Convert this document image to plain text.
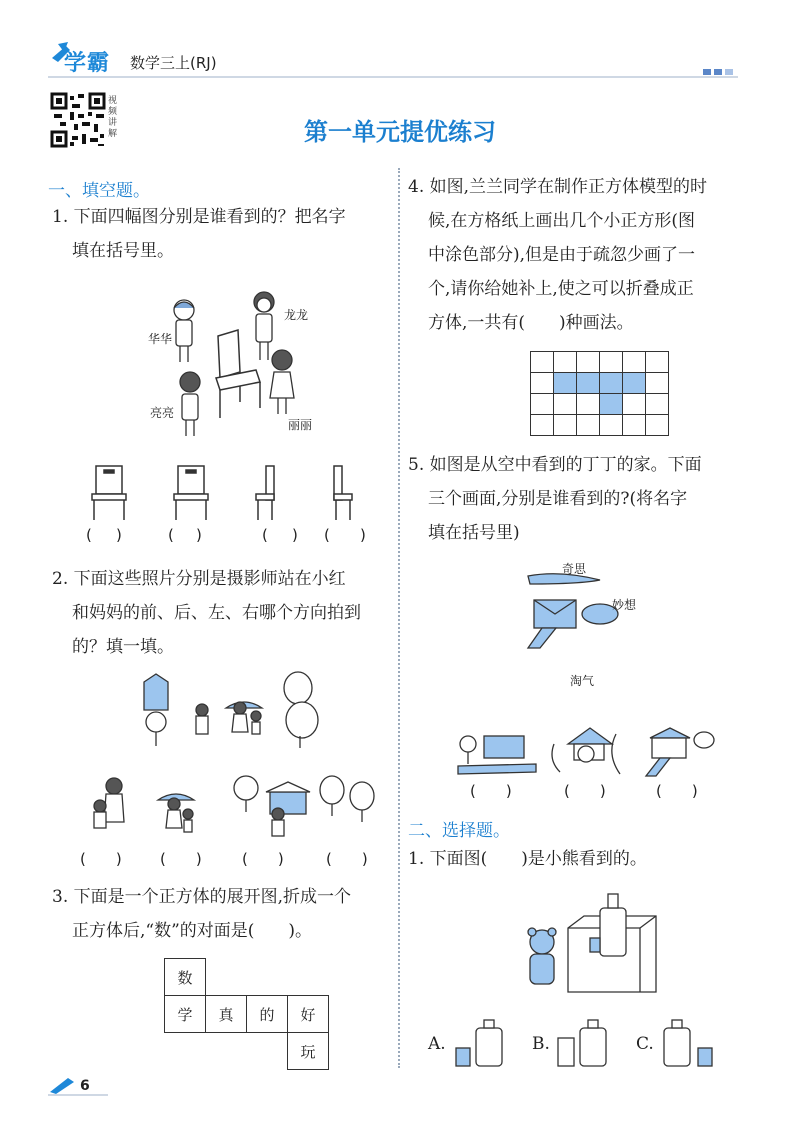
学霸 数学三上(RJ)
视频讲解	第一单元提优练习
一、填空题。
1. 下面四幅图分别是谁看到的？把名字
填在括号里。
华华
龙龙
亮亮
丽丽
( )	( )	( ) ( )
2. 下面这些照片分别是摄影师站在小红
和妈妈的前、后、左、右哪个方向拍到
的？填一填。
(　　)	(　　)	(　　)	(　　)
3. 下面是一个正方体的展开图,折成一个
正方体后,“数”的对面是(　　)。
数			
学	真	的	好
			玩
4. 如图,兰兰同学在制作正方体模型的时
候,在方格纸上画出几个小正方形(图
中涂色部分),但是由于疏忽少画了一
个,请你给她补上,使之可以折叠成正
方体,一共有(　　)种画法。

5. 如图是从空中看到的丁丁的家。下面
三个画面,分别是谁看到的?(将名字
填在括号里)
奇思
妙想
淘气
(　　)	(　　)	(　　)
二、选择题。
1. 下面图(　　)是小熊看到的。
A.	B.	C.
6
